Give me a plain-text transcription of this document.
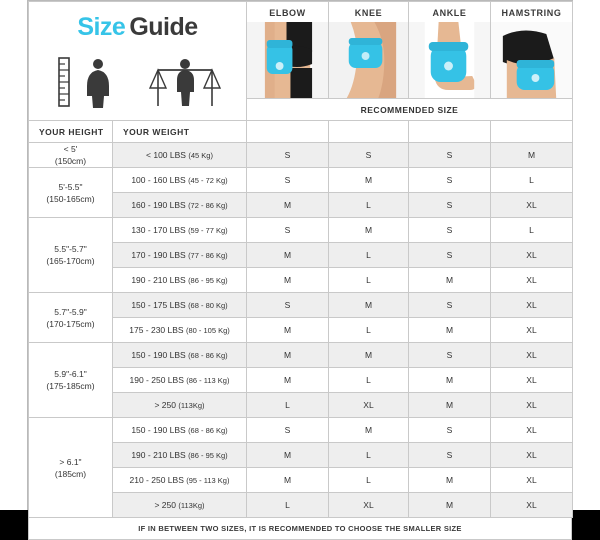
Size Guide		ELBOW	KNEE	ANKLE	HAMSTRING

		RECOMMENDED SIZE			
YOUR HEIGHT	YOUR WEIGHT				
< 5'
(150cm)	< 100 LBS (45 Kg)	S	S	S	M
5'-5.5"
(150-165cm)	100 - 160 LBS (45 - 72 Kg)	S	M	S	L
	160 - 190 LBS (72 - 86 Kg)	M	L	S	XL
5.5"-5.7"
(165-170cm)	130 - 170 LBS (59 - 77 Kg)	S	M	S	L
	170 - 190 LBS (77 - 86 Kg)	M	L	S	XL
	190 - 210 LBS (86 - 95 Kg)	M	L	M	XL
5.7"-5.9"
(170-175cm)	150 - 175 LBS (68 - 80 Kg)	S	M	S	XL
	175 - 230 LBS (80 - 105 Kg)	M	L	M	XL
5.9"-6.1"
(175-185cm)	150 - 190 LBS (68 - 86 Kg)	M	M	S	XL
	190 - 250 LBS (86 - 113 Kg)	M	L	M	XL
	> 250 (113Kg)	L	XL	M	XL
> 6.1"
(185cm)	150 - 190 LBS (68 - 86 Kg)	S	M	S	XL
	190 - 210 LBS (86 - 95 Kg)	M	L	S	XL
	210 - 250 LBS (95 - 113 Kg)	M	L	M	XL
	> 250 (113Kg)	L	XL	M	XL
IF IN BETWEEN TWO SIZES, IT IS RECOMMENDED TO CHOOSE THE SMALLER SIZE
